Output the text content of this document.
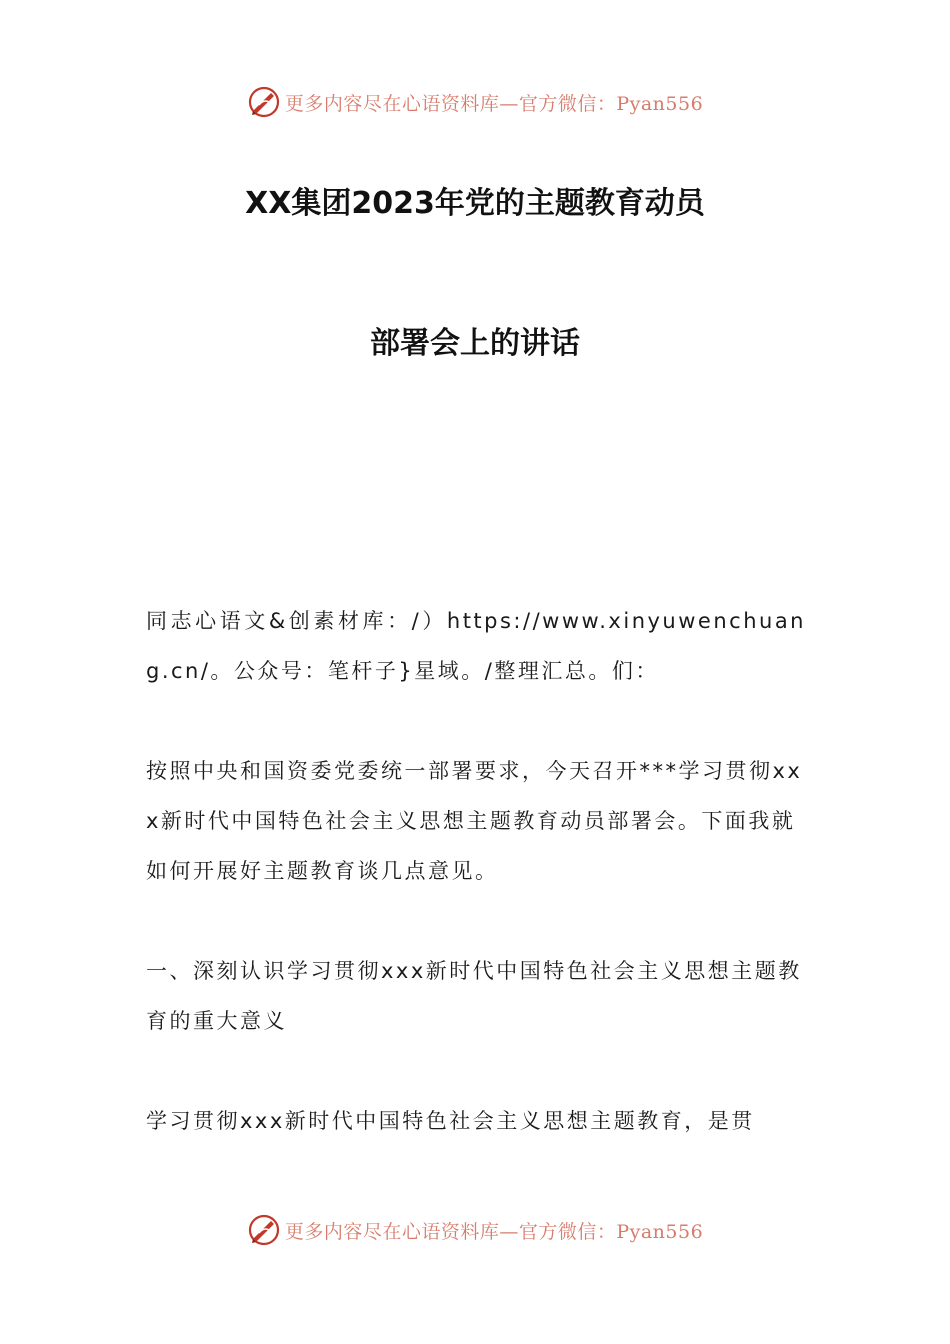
更多内容尽在心语资料库—官方微信：Pyan556
XX集团2023年党的主题教育动员
部署会上的讲话

同志心语文&创素材库：/）https://www.xinyuwenchuang.cn/。公众号：笔杆子}星域。/整理汇总。们：

按照中央和国资委党委统一部署要求，今天召开***学习贯彻xxx新时代中国特色社会主义思想主题教育动员部署会。下面我就如何开展好主题教育谈几点意见。

一、深刻认识学习贯彻xxx新时代中国特色社会主义思想主题教育的重大意义

学习贯彻xxx新时代中国特色社会主义思想主题教育，是贯

更多内容尽在心语资料库—官方微信：Pyan556
